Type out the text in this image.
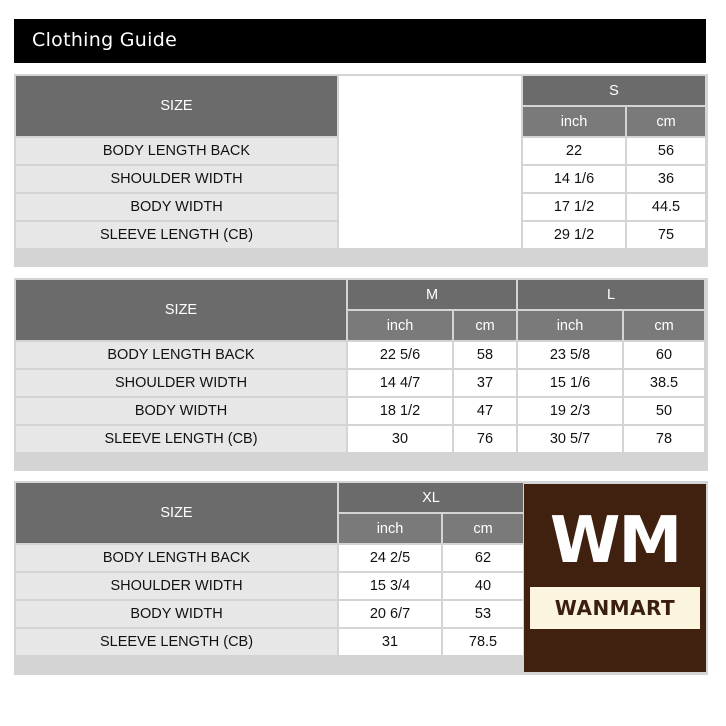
Clothing Guide
SIZE		S	
		inch	cm
BODY LENGTH BACK		22	56
SHOULDER WIDTH		14 1/6	36
BODY WIDTH		17 1/2	44.5
SLEEVE LENGTH (CB)		29 1/2	75
SIZE	M		L	
	inch	cm	inch	cm
BODY LENGTH BACK	22 5/6	58	23 5/8	60
SHOULDER WIDTH	14 4/7	37	15 1/6	38.5
BODY WIDTH	18 1/2	47	19 2/3	50
SLEEVE LENGTH (CB)	30	76	30 5/7	78
SIZE	XL	
	inch	cm
BODY LENGTH BACK	24 2/5	62
SHOULDER WIDTH	15 3/4	40
BODY WIDTH	20 6/7	53
SLEEVE LENGTH (CB)	31	78.5
WM
WANMART
